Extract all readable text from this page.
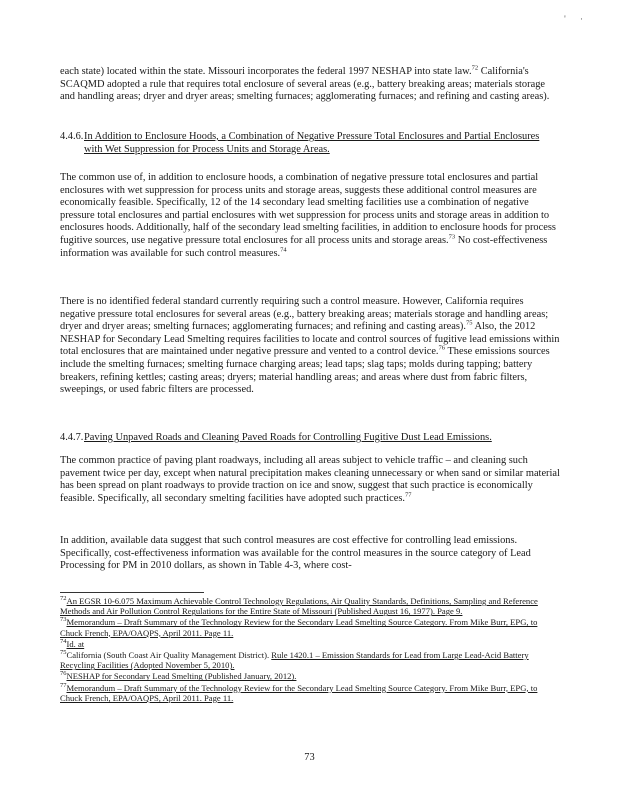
' ·
each state) located within the state. Missouri incorporates the federal 1997 NESHAP into state law.$^{72}$ California's SCAQMD adopted a rule that requires total enclosure of several areas (e.g., battery breaking areas; materials storage and handling areas; dryer and dryer areas; smelting furnaces; agglomerating furnaces; and refining and casting areas).
4.4.6.In Addition to Enclosure Hoods, a Combination of Negative Pressure Total Enclosures and Partial Enclosures with Wet Suppression for Process Units and Storage Areas.
The common use of, in addition to enclosure hoods, a combination of negative pressure total enclosures and partial enclosures with wet suppression for process units and storage areas, suggests these additional control measures are economically feasible. Specifically, 12 of the 14 secondary lead smelting facilities use a combination of negative pressure total enclosures and partial enclosures with wet suppression for process units and storage areas in addition to enclosures hoods. Additionally, half of the secondary lead smelting facilities, in addition to enclosure hoods for process fugitive sources, use negative pressure total enclosures for all process units and storage areas.$^{73}$ No cost-effectiveness information was available for such control measures.$^{74}$
There is no identified federal standard currently requiring such a control measure. However, California requires negative pressure total enclosures for several areas (e.g., battery breaking areas; materials storage and handling areas; dryer and dryer areas; smelting furnaces; agglomerating furnaces; and refining and casting areas).$^{75}$ Also, the 2012 NESHAP for Secondary Lead Smelting requires facilities to locate and control sources of fugitive lead emissions within total enclosures that are maintained under negative pressure and vented to a control device.$^{76}$ These emissions sources include the smelting furnaces; smelting furnace charging areas; lead taps; slag taps; molds during tapping; battery breakers, refining kettles; casting areas; dryers; material handling areas; and areas where dust from fabric filters, sweepings, or used fabric filters are processed.
4.4.7.Paving Unpaved Roads and Cleaning Paved Roads for Controlling Fugitive Dust Lead Emissions.
The common practice of paving plant roadways, including all areas subject to vehicle traffic – and cleaning such pavement twice per day, except when natural precipitation makes cleaning unnecessary or when sand or similar material has been spread on plant roadways to provide traction on ice and snow, suggest that such practice is economically feasible. Specifically, all secondary smelting facilities have adopted such practices.$^{77}$
In addition, available data suggest that such control measures are cost effective for controlling lead emissions. Specifically, cost-effectiveness information was available for the control measures in the source category of Lead Processing for PM in 2010 dollars, as shown in Table 4-3, where cost-
$^{72}$An EGSR 10-6.075 Maximum Achievable Control Technology Regulations, Air Quality Standards, Definitions, Sampling and Reference Methods and Air Pollution Control Regulations for the Entire State of Missouri (Published August 16, 1977). Page 9.
$^{73}$Memorandum – Draft Summary of the Technology Review for the Secondary Lead Smelting Source Category. From Mike Burr, EPG, to Chuck French, EPA/OAQPS, April 2011. Page 11.
$^{74}$Id. at
$^{75}$California (South Coast Air Quality Management District). Rule 1420.1 – Emission Standards for Lead from Large Lead-Acid Battery Recycling Facilities (Adopted November 5, 2010).
$^{76}$NESHAP for Secondary Lead Smelting (Published January, 2012).
$^{77}$Memorandum – Draft Summary of the Technology Review for the Secondary Lead Smelting Source Category. From Mike Burr, EPG, to Chuck French, EPA/OAQPS, April 2011. Page 11.
73
